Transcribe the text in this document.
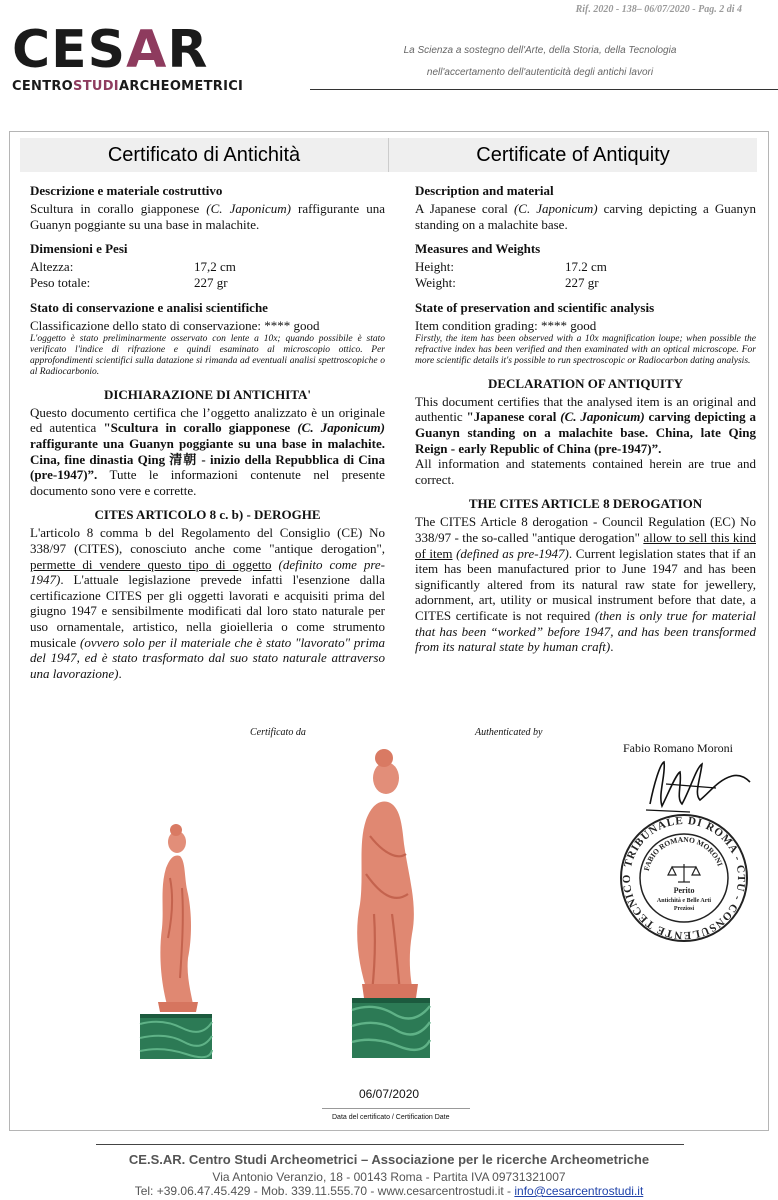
Rif. 2020 - 138– 06/07/2020 - Pag. 2 di 4
CESAR
CENTROSTUDIARCHEOMETRICI
La Scienza a sostegno dell'Arte, della Storia, della Tecnologia
nell'accertamento dell'autenticità degli antichi lavori
Certificato di Antichità	Certificate of Antiquity
Descrizione e materiale costruttivo

Scultura in corallo giapponese (C. Japonicum) raffigurante una Guanyn poggiante su una base in malachite.

Dimensioni e Pesi
Altezza:	17,2 cm
Peso totale:	227 gr
Stato di conservazione e analisi scientifiche

Classificazione dello stato di conservazione: **** good

L'oggetto è stato preliminarmente osservato con lente a 10x; quando possibile è stato verificato l'indice di rifrazione e quindi esaminato al microscopio ottico. Per approfondimenti scientifici sulla datazione si rimanda ad eventuali analisi spettroscopiche o al Radiocarbonio.

DICHIARAZIONE DI ANTICHITA'

Questo documento certifica che l’oggetto analizzato è un originale ed autentica "Scultura in corallo giapponese (C. Japonicum) raffigurante una Guanyn poggiante su una base in malachite. Cina, fine dinastia Qing 清朝 - inizio della Repubblica di Cina (pre-1947)”. Tutte le informazioni contenute nel presente documento sono vere e corrette.

CITES ARTICOLO 8 c. b) - DEROGHE

L'articolo 8 comma b del Regolamento del Consiglio (CE) No 338/97 (CITES), conosciuto anche come "antique derogation", permette di vendere questo tipo di oggetto (definito come pre-1947). L'attuale legislazione prevede infatti l'esenzione dalla certificazione CITES per gli oggetti lavorati e acquisiti prima del giugno 1947 e sensibilmente modificati dal loro stato naturale per uso ornamentale, artistico, nella gioielleria o come strumento musicale (ovvero solo per il materiale che è stato "lavorato" prima del 1947, ed è stato trasformato dal suo stato naturale attraverso una lavorazione).

Description and material

A Japanese coral (C. Japonicum) carving depicting a Guanyn standing on a malachite base.

Measures and Weights
Height:	17.2 cm
Weight:	227 gr
State of preservation and scientific analysis

Item condition grading: **** good

Firstly, the item has been observed with a 10x magnification loupe; when possible the refractive index has been verified and then examinated with an optical microscope. For more scientific details it's possible to run spectroscopic or Radiocarbon dating analysis.

DECLARATION OF ANTIQUITY

This document certifies that the analysed item is an original and authentic "Japanese coral (C. Japonicum) carving depicting a Guanyn standing on a malachite base. China, late Qing Reign - early Republic of China (pre-1947)”.

All information and statements contained herein are true and correct.

THE CITES ARTICLE 8 DEROGATION

The CITES Article 8 derogation - Council Regulation (EC) No 338/97 - the so-called "antique derogation" allow to sell this kind of item (defined as pre-1947). Current legislation states that if an item has been manufactured prior to June 1947 and has been significantly altered from its natural raw state for jewellery, adornment, art, utility or musical instrument before that date, a CITES certificate is not required (then is only true for material that has been “worked” before 1947, and has been transformed from its natural state by human craft).

Certificato da	Authenticated by
Fabio Romano Moroni
TRIBUNALE DI ROMA - CTU - CONSULENTE TECNICO
FABIO ROMANO MORONI
Perito
Antichità e Belle Arti
Preziosi
06/07/2020
Data del certificato / Certification Date
CE.S.AR. Centro Studi Archeometrici – Associazione per le ricerche Archeometriche
Via Antonio Veranzio, 18 - 00143 Roma - Partita IVA 09731321007
Tel: +39.06.47.45.429 - Mob. 339.11.555.70 - www.cesarcentrostudi.it - info@cesarcentrostudi.it
